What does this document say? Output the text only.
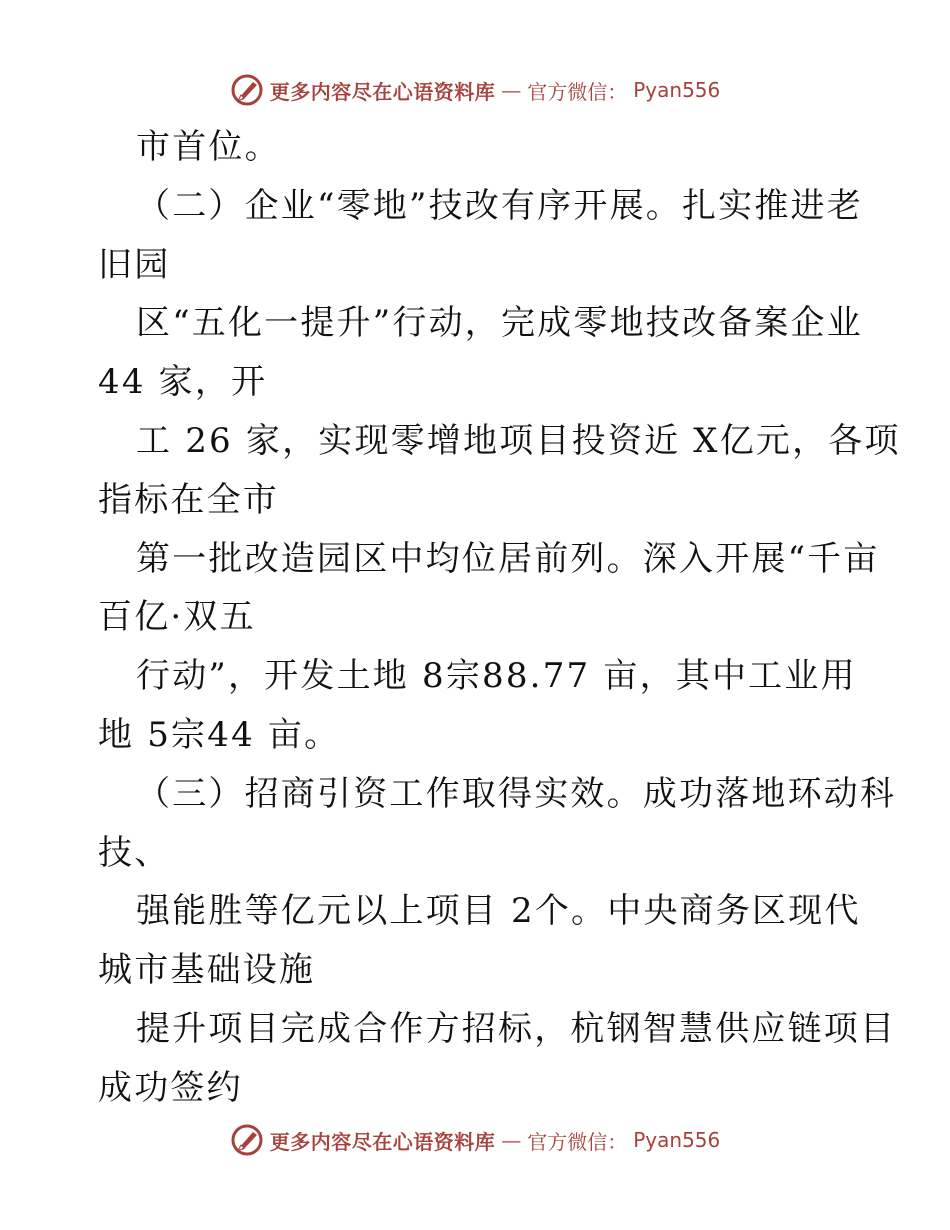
更多内容尽在心语资料库 — 官方微信： Pyan556
市首位。
（二）企业“零地”技改有序开展。扎实推进老
旧园
区“五化一提升”行动，完成零地技改备案企业
44 家，开
工 26 家，实现零增地项目投资近 X亿元，各项
指标在全市
第一批改造园区中均位居前列。深入开展“千亩
百亿·双五
行动”，开发土地 8宗88.77 亩，其中工业用
地 5宗44 亩。
（三）招商引资工作取得实效。成功落地环动科
技、
强能胜等亿元以上项目 2个。中央商务区现代
城市基础设施
提升项目完成合作方招标，杭钢智慧供应链项目
成功签约
更多内容尽在心语资料库 — 官方微信： Pyan556
